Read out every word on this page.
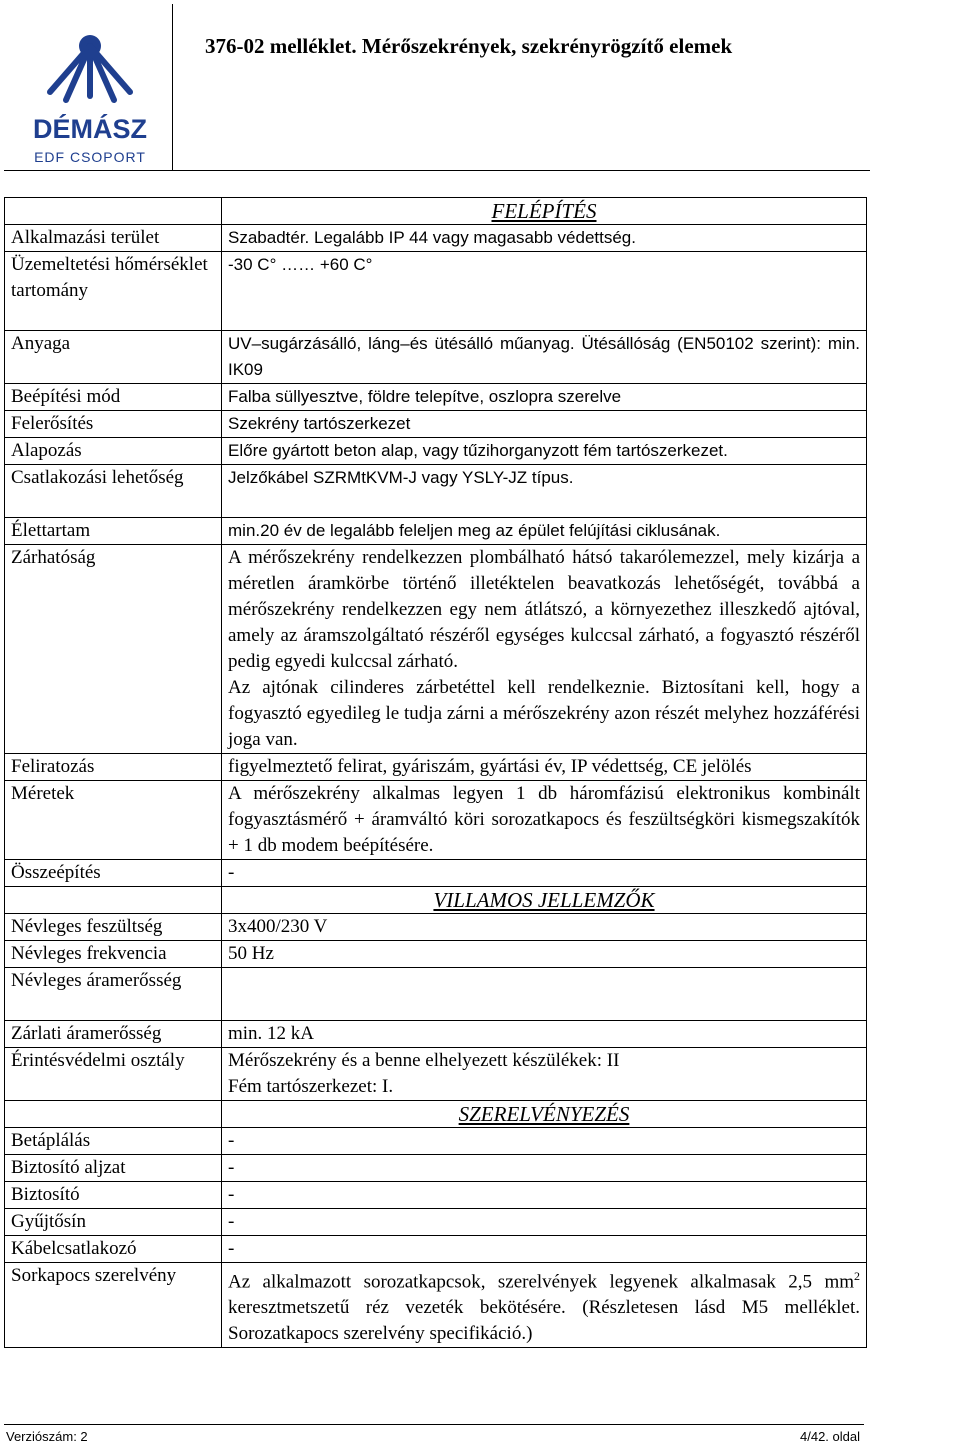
DÉMÁSZ
EDF CSOPORT
376-02 melléklet. Mérőszekrények, szekrényrögzítő elemek
	FELÉPÍTÉS
Alkalmazási terület	Szabadtér. Legalább IP 44 vagy magasabb védettség.
Üzemeltetési hőmérséklet tartomány	-30 C° …… +60 C°
Anyaga	UV–sugárzásálló, láng–és ütésálló műanyag. Ütésállóság (EN50102 szerint): min. IK09
Beépítési mód	Falba süllyesztve, földre telepítve, oszlopra szerelve
Felerősítés	Szekrény tartószerkezet
Alapozás	Előre gyártott beton alap, vagy tűzihorganyzott fém tartószerkezet.
Csatlakozási lehetőség	Jelzőkábel SZRMtKVM-J vagy YSLY-JZ típus.
Élettartam	min.20 év de legalább feleljen meg az épület felújítási ciklusának.
Zárhatóság	A mérőszekrény rendelkezzen plombálható hátsó takarólemezzel, mely kizárja a méretlen áramkörbe történő illetéktelen beavatkozás lehetőségét, továbbá a mérőszekrény rendelkezzen egy nem átlátszó, a környezethez illeszkedő ajtóval, amely az áramszolgáltató részéről egységes kulccsal zárható, a fogyasztó részéről pedig egyedi kulccsal zárható.
Az ajtónak cilinderes zárbetéttel kell rendelkeznie. Biztosítani kell, hogy a fogyasztó egyedileg le tudja zárni a mérőszekrény azon részét melyhez hozzáférési joga van.

Feliratozás	figyelmeztető felirat, gyáriszám, gyártási év, IP védettség, CE jelölés
Méretek	A mérőszekrény alkalmas legyen 1 db háromfázisú elektronikus kombinált fogyasztásmérő + áramváltó köri sorozatkapocs és feszültségköri kismegszakítók + 1 db modem beépítésére.
Összeépítés	-
	VILLAMOS JELLEMZŐK
Névleges feszültség	3x400/230 V
Névleges frekvencia	50 Hz
Névleges áramerősség	
Zárlati áramerősség	min. 12 kA
Érintésvédelmi osztály	Mérőszekrény és a benne elhelyezett készülékek: II
Fém tartószerkezet: I.

	SZERELVÉNYEZÉS
Betáplálás	-
Biztosító aljzat	-
Biztosító	-
Gyűjtősín	-
Kábelcsatlakozó	-
Sorkapocs szerelvény	Az alkalmazott sorozatkapcsok, szerelvények legyenek alkalmasak 2,5 $mm^2$ keresztmetszetű réz vezeték bekötésére. (Részletesen lásd M5 melléklet. Sorozatkapocs szerelvény specifikáció.)
Verziószám: 2	4/42. oldal
